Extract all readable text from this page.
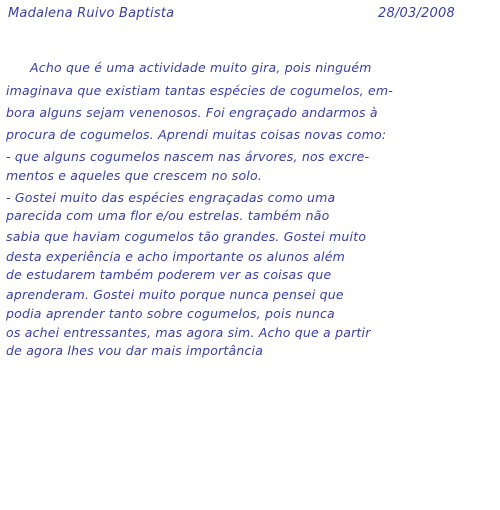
Madalena Ruivo Baptista	28/03/2008
Acho que é uma actividade muito gira, pois ninguém
imaginava que existiam tantas espécies de cogumelos, em-
bora alguns sejam venenosos. Foi engraçado andarmos à
procura de cogumelos. Aprendi muitas coisas novas como:
- que alguns cogumelos nascem nas árvores, nos excre-
mentos e aqueles que crescem no solo.
- Gostei muito das espécies engraçadas como uma
parecida com uma flor e/ou estrelas. também não
sabia que haviam cogumelos tão grandes. Gostei muito
desta experiência e acho importante os alunos além
de estudarem também poderem ver as coisas que
aprenderam. Gostei muito porque nunca pensei que
podia aprender tanto sobre cogumelos, pois nunca
os achei entressantes, mas agora sim. Acho que a partir
de agora lhes vou dar mais importância
